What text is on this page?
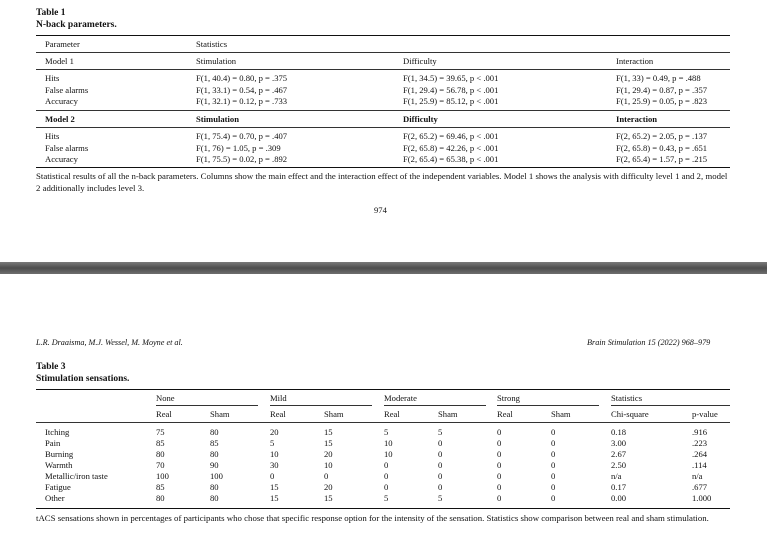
Table 1
N-back parameters.
Parameter	Statistics
Model 1	Stimulation	Difficulty	Interaction
Hits	F(1, 40.4) = 0.80, p = .375	F(1, 34.5) = 39.65, p < .001	F(1, 33) = 0.49, p = .488
False alarms	F(1, 33.1) = 0.54, p = .467	F(1, 29.4) = 56.78, p < .001	F(1, 29.4) = 0.87, p = .357
Accuracy	F(1, 32.1) = 0.12, p = .733	F(1, 25.9) = 85.12, p < .001	F(1, 25.9) = 0.05, p = .823
Model 2	Stimulation	Difficulty	Interaction
Hits	F(1, 75.4) = 0.70, p = .407	F(2, 65.2) = 69.46, p < .001	F(2, 65.2) = 2.05, p = .137
False alarms	F(1, 76) = 1.05, p = .309	F(2, 65.8) = 42.26, p < .001	F(2, 65.8) = 0.43, p = .651
Accuracy	F(1, 75.5) = 0.02, p = .892	F(2, 65.4) = 65.38, p < .001	F(2, 65.4) = 1.57, p = .215
Statistical results of all the n-back parameters. Columns show the main effect and the interaction effect of the independent variables. Model 1 shows the analysis with difficulty level 1 and 2, model 2 additionally includes level 3.
974
L.R. Draaisma, M.J. Wessel, M. Moyne et al.	Brain Stimulation 15 (2022) 968–979
Table 3
Stimulation sensations.
None	Mild	Moderate	Strong	Statistics
Real	Sham	Real	Sham	Real	Sham	Real	Sham	Chi-square	p-value
Itching	75	80	20	15	5	5	0	0	0.18	.916
Pain	85	85	5	15	10	0	0	0	3.00	.223
Burning	80	80	10	20	10	0	0	0	2.67	.264
Warmth	70	90	30	10	0	0	0	0	2.50	.114
Metallic/iron taste	100	100	0	0	0	0	0	0	n/a	n/a
Fatigue	85	80	15	20	0	0	0	0	0.17	.677
Other	80	80	15	15	5	5	0	0	0.00	1.000
tACS sensations shown in percentages of participants who chose that specific response option for the intensity of the sensation. Statistics show comparison between real and sham stimulation.
